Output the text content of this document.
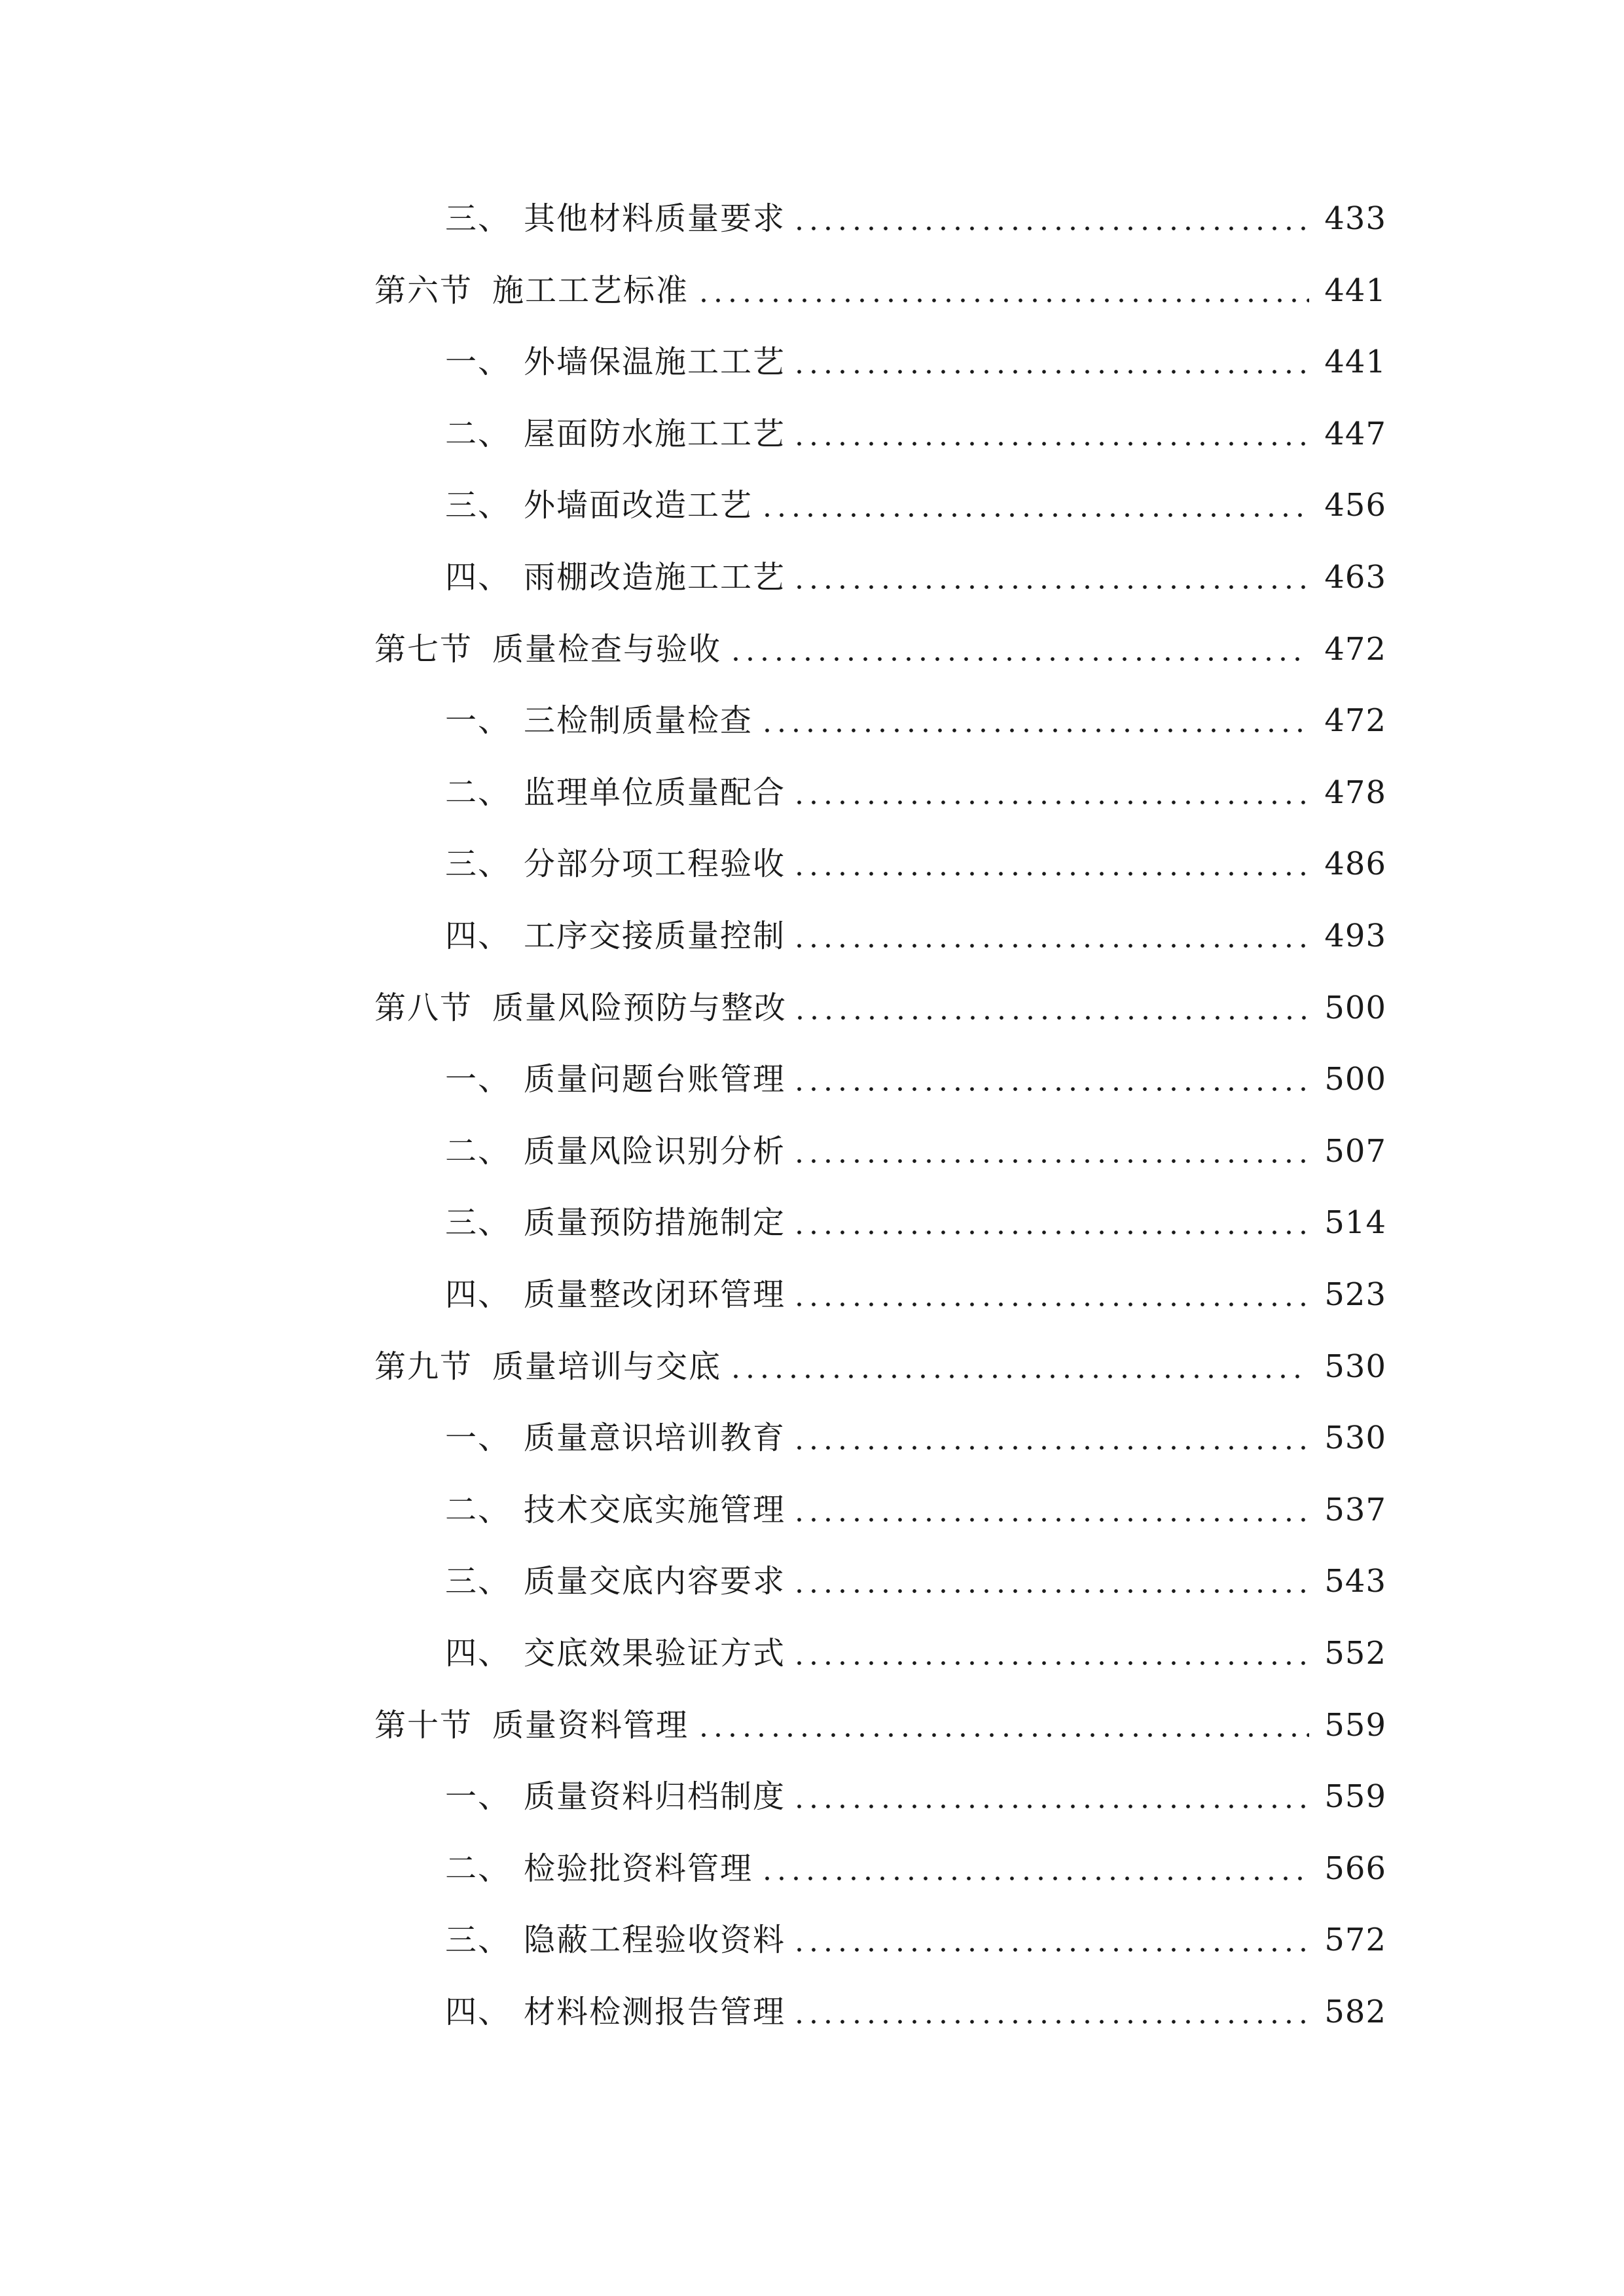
三、 其他材料质量要求	433
第六节 施工工艺标准	441
一、 外墙保温施工工艺	441
二、 屋面防水施工工艺	447
三、 外墙面改造工艺	456
四、 雨棚改造施工工艺	463
第七节 质量检查与验收	472
一、 三检制质量检查	472
二、 监理单位质量配合	478
三、 分部分项工程验收	486
四、 工序交接质量控制	493
第八节 质量风险预防与整改	500
一、 质量问题台账管理	500
二、 质量风险识别分析	507
三、 质量预防措施制定	514
四、 质量整改闭环管理	523
第九节 质量培训与交底	530
一、 质量意识培训教育	530
二、 技术交底实施管理	537
三、 质量交底内容要求	543
四、 交底效果验证方式	552
第十节 质量资料管理	559
一、 质量资料归档制度	559
二、 检验批资料管理	566
三、 隐蔽工程验收资料	572
四、 材料检测报告管理	582
